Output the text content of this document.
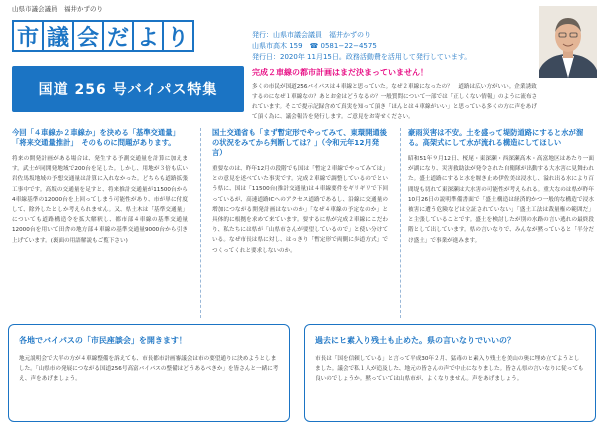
山県市議会議員　福井かずのり
市 議 会 だ よ り	発行：山県市議会議員　福井かずのり
山県市高木 159　☎ 0581−22−4575
発行日：2020年 11月15日。政務活動費を活用して発行しています。
完成２車線の都市計画はまだ決まっていません！
多くの市民が国道256バイパスは４車線と思っていた。なぜ２車線になったの？　道路は広い方がいい。企業誘致するのになぜ１車線なの？あとお金はどうなるの？一般質問について一部では「正しくない情報」のように流布されています。そこで提示記録含めて真実を知って頂き「ほんとは４車線がいい」と思っている多くの方に声をあげて頂く為に、議会報告を発行します。ご意見をお寄せください。
国道 256 号バイパス特集
今回「４車線か２車線か」を決める「基準交通量」「将来交通量推計」　そのものに問題があります。

将来の開発計画がある場合は、発生する予測交通量を計算に加えます。武士が同開発地域で200台を足した。しかし、用地が３倍も広い岩佐馬坂地域の予想交通量は計算に入れなかった。どちらも道路拡張工事中です。高坂の交通量を足すと、将来推計交通量が11500台から4車線基準の12000台を上回ってしまう可能性があり、市が単に付度して、除外したとしか考えられません。又、県土木は「基準交通量」についても道路構造令を拡大解釈し、都市部４車線の基準交通量12000台を用いて田舎の地方部４車線の基準交通量9000台から引き上げています。(裏面の用語解説もご覧下さい)

国土交通省も「まず暫定形でやってみて、東環開通後の状況をみてから判断しては？」（令和元年12月発言）

重要なのは、昨年12月の段階でも国は「暫定２車線でやってみては」との意見を述べていた事実です。完成２車線で調整しているのでという県に、国は「11500台(推計交通量)は４車線要件をギリギリで下回っているが、高速道路ICへのアクセス道路であるし、沿線に交通量の増加につながる開発計画はないのか」「なぜ４車線の予定なのか」と具体的に根拠を求めて来ています。要するに県が完成２車線にこだわり、私たちには県が「山県市さんが要望しているので」と使い分けている。なぜ市長は県に対し、はっきり「暫定形で両側に歩道方式」でつくってくれと要求しないのか。

豪雨災害は不安。土を盛って堤防道路にすると水が溜る。高架式にして水が流れる構造にしてほしい

昭和51年９月12日、桜尾・東深瀬・西深瀬高木・高富地区はあたり一面が湖になり、災害救助法が発令された自衛隊が出動する大水害に見舞われた。盛土道路にすると水を堰き止め伊佐美は浸水し、溢れ出る水により百間堤も切れて東深瀬は大水害の可能性が考えられる。重大なのは県が昨年10月26日の説明準備書面で「盛土構造は経済的かつ一般的な構造で浸水被害に遭う危険などは立証されていない」「盛土工法は裁量権の範囲だ」と主張していることです。盛土を検討したが別の水路の言い逃れの最終段階として出しています。県の言いなりで、みんなが黙っていると「半分だけ盛土」で事業が進みます。

各地でバイパスの「市民座談会」を開きます！

地元説明会で大半の方が４車線整備を訴えても、市長都市計画審議会は市の要望通りに決めようとしました。「山県市の発展につながる国道256号高富バイパスの整備はどうあるべきか」を皆さんと一緒に考え、声をあげましょう。

過去にヒ素入り残土も止めた。県の言いなりでいいの？

市長は「国を信頼している」と言って平成30年２月、猛毒のヒ素入り残土を美山の奥に埋め立てようとしました。議会で私１人が追及した、地元の皆さんの声で中止になりました。皆さん県の言いなりに従っても良いのでしょうか。黙っていては山県市が、よくなりません。声をあげましょう。
